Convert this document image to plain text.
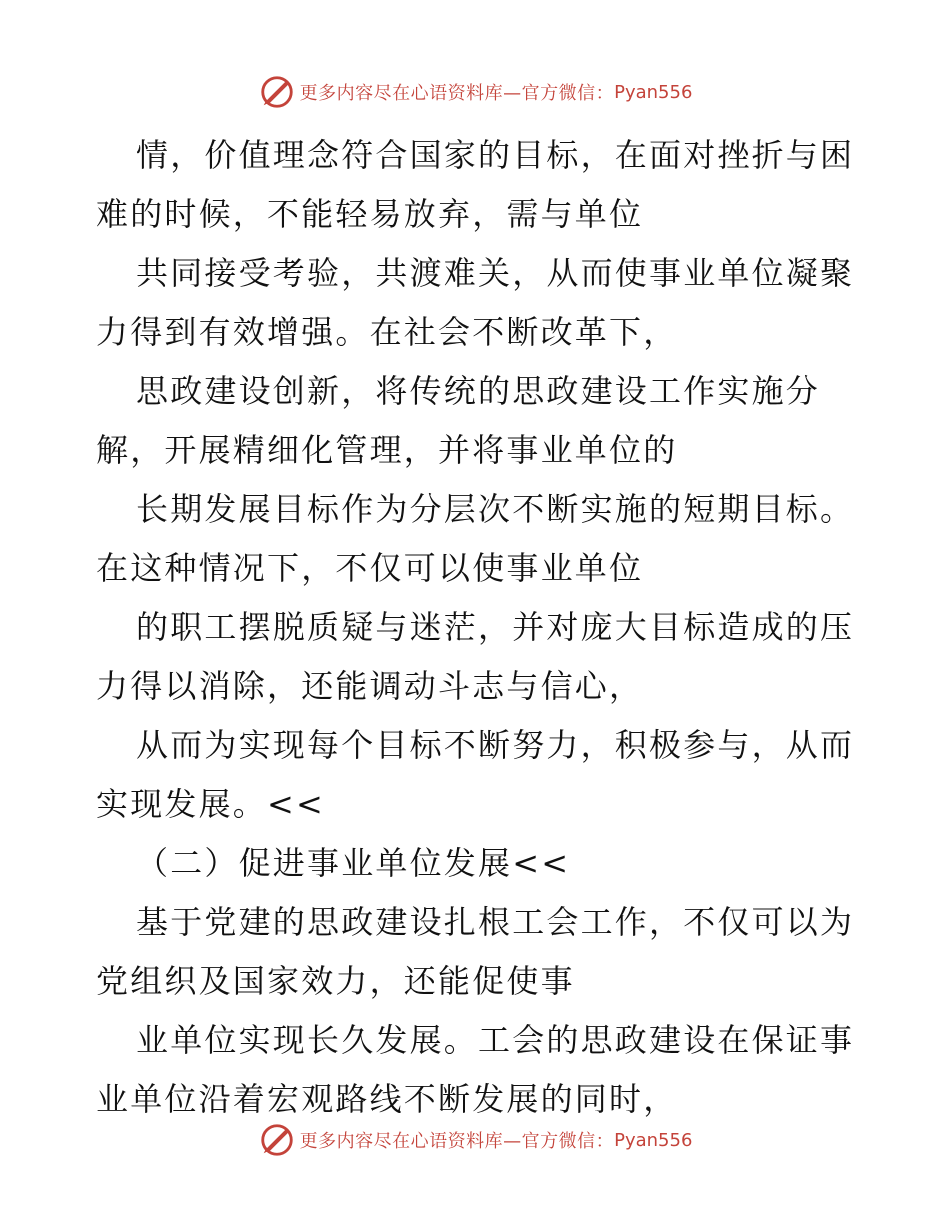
更多内容尽在心语资料库—官方微信： Pyan556
情，价值理念符合国家的目标，在面对挫折与困
难的时候，不能轻易放弃，需与单位
共同接受考验，共渡难关，从而使事业单位凝聚
力得到有效增强。在社会不断改革下，
思政建设创新，将传统的思政建设工作实施分
解，开展精细化管理，并将事业单位的
长期发展目标作为分层次不断实施的短期目标。
在这种情况下，不仅可以使事业单位
的职工摆脱质疑与迷茫，并对庞大目标造成的压
力得以消除，还能调动斗志与信心，
从而为实现每个目标不断努力，积极参与，从而
实现发展。<<
（二）促进事业单位发展<<
基于党建的思政建设扎根工会工作，不仅可以为
党组织及国家效力，还能促使事
业单位实现长久发展。工会的思政建设在保证事
业单位沿着宏观路线不断发展的同时，
更多内容尽在心语资料库—官方微信： Pyan556
